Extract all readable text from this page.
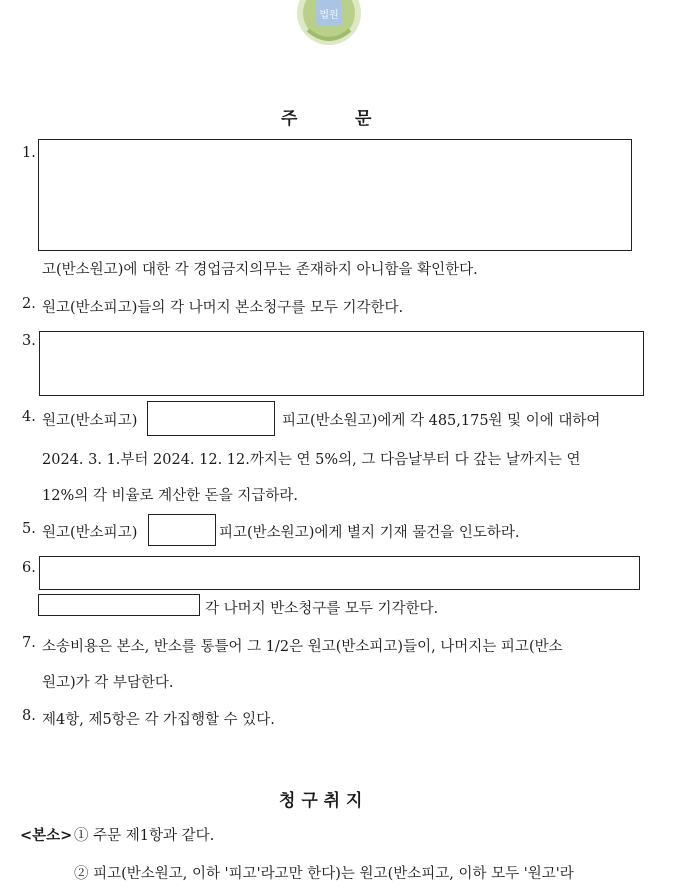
법원
주	문
1.
고(반소원고)에 대한 각 경업금지의무는 존재하지 아니함을 확인한다.
2. 원고(반소피고)들의 각 나머지 본소청구를 모두 기각한다.
3.
4. 원고(반소피고)	피고(반소원고)에게 각 485,175원 및 이에 대하여
2024. 3. 1.부터 2024. 12. 12.까지는 연 5%의, 그 다음날부터 다 갚는 날까지는 연
12%의 각 비율로 계산한 돈을 지급하라.
5. 원고(반소피고)	피고(반소원고)에게 별지 기재 물건을 인도하라.
6.
각 나머지 반소청구를 모두 기각한다.
7. 소송비용은 본소, 반소를 통틀어 그 1/2은 원고(반소피고)들이, 나머지는 피고(반소
원고)가 각 부담한다.
8. 제4항, 제5항은 각 가집행할 수 있다.
청 구 취 지
<본소> ① 주문 제1항과 같다.
② 피고(반소원고, 이하 '피고'라고만 한다)는 원고(반소피고, 이하 모두 '원고'라
